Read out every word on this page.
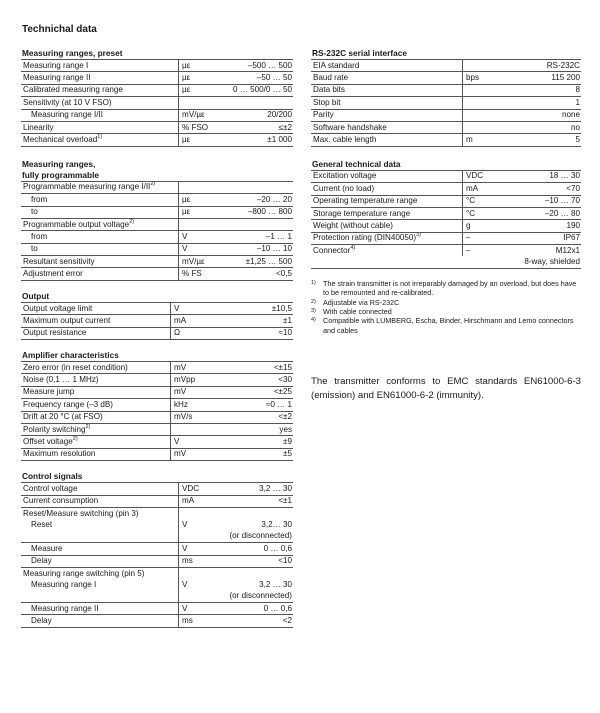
Technichal data
Measuring ranges, preset
Measuring range I	µε	–500 … 500
Measuring range II	µε	–50 … 50
Calibrated measuring range	µε	0 … 500/0 … 50
Sensitivity (at 10 V FSO)		
Measuring range I/II	mV/µε	20/200
Linearity	% FSO	≤±2
Mechanical overload$^{1)}$	µε	±1 000
Measuring ranges,
fully programmable
Programmable measuring range I/II$^{2)}$		
from	µε	–20 … 20
to	µε	–800 … 800
Programmable output voltage$^{2)}$		
from	V	–1 … 1
to	V	–10 … 10
Resultant sensitivity	mV/µε	±1,25 … 500
Adjustment error	% FS	<0,5
Output
Output voltage limit	V	±10,5
Maximum output current	mA	±1
Output resistance	Ω	≈10
Amplifier characteristics
Zero error (in reset condition)	mV	<±15
Noise (0,1 … 1 MHz)	mVpp	<30
Measure jump	mV	<±25
Frequency range (–3 dB)	kHz	≈0 … 1
Drift at 20 °C (at FSO)	mV/s	<±2
Polarity switching$^{2)}$		yes
Offset voltage$^{2)}$	V	±9
Maximum resolution	mV	±5
Control signals
Control voltage	VDC	3,2 … 30
Current consumption	mA	<±1
Reset/Measure switching (pin 3)		
Reset	V	3,2… 30
		(or disconnected)
Measure	V	0 … 0,6
Delay	ms	<10
Measuring range switching (pin 5)		
Measuring range I	V	3,2 … 30
		(or disconnected)
Measuring range II	V	0 … 0,6
Delay	ms	<2
RS-232C serial interface
EIA standard		RS-232C
Baud rate	bps	115 200
Data bits		8
Stop bit		1
Parity		none
Software handshake		no
Max. cable length	m	5
General technical data
Excitation voltage	VDC	18 … 30
Current (no load)	mA	<70
Operating temperature range	°C	–10 … 70
Storage temperature range	°C	–20 … 80
Weight (without cable)	g	190
Protection rating $(DIN40050)^{3)}$	–	IP67
Connector$^{4)}$	–	M12x1
		8-way, shielded
1) The strain transmitter is not irreparably damaged by an overload, but does have to be remounted and re-calibrated.
2) Adjustable via RS-232C
3) With cable connected
4) Compatible with LUMBERG, Escha, Binder, Hirschmann and Lemo connectors and cables
The transmitter conforms to EMC standards EN61000-6-3 (emission) and EN61000-6-2 (immunity).
